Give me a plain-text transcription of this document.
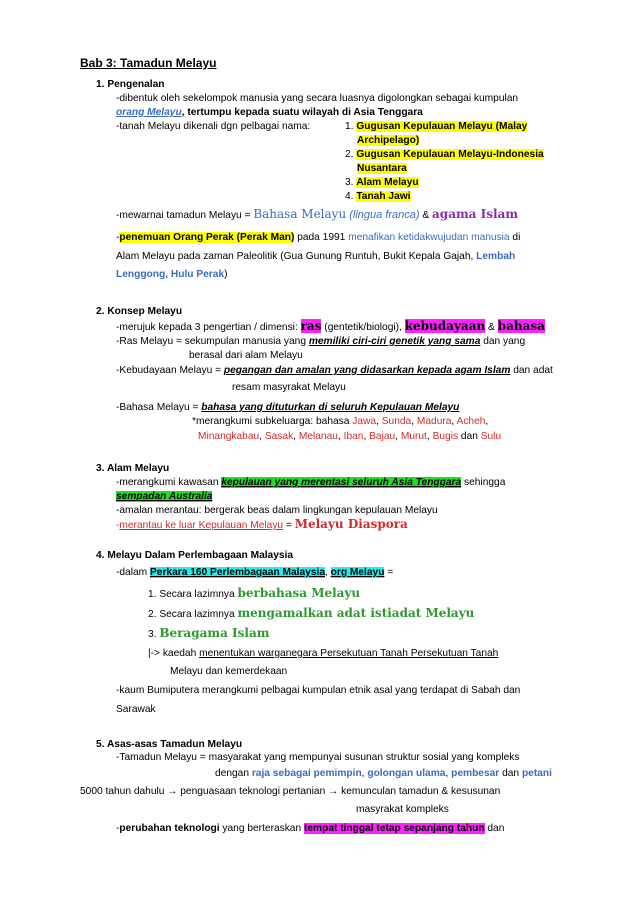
Bab 3: Tamadun Melayu
1. Pengenalan
-dibentuk oleh sekelompok manusia yang secara luasnya digolongkan sebagai kumpulan
orang Melayu, tertumpu kepada suatu wilayah di Asia Tenggara
-tanah Melayu dikenali dgn pelbagai nama:	1. Gugusan Kepulauan Melayu (Malay
Archipelago)
2. Gugusan Kepulauan Melayu-Indonesia
Nusantara
3. Alam Melayu
4. Tanah Jawi
-mewarnai tamadun Melayu = Bahasa Melayu (lingua franca) & agama Islam
-penemuan Orang Perak (Perak Man) pada 1991 menafikan ketidakwujudan manusia di
Alam Melayu pada zaman Paleolitik (Gua Gunung Runtuh, Bukit Kepala Gajah, Lembah
Lenggong, Hulu Perak)
2. Konsep Melayu
-merujuk kepada 3 pengertian / dimensi: ras (gentetik/biologi), kebudayaan & bahasa
-Ras Melayu = sekumpulan manusia yang memiliki ciri-ciri genetik yang sama dan yang
berasal dari alam Melayu
-Kebudayaan Melayu = pegangan dan amalan yang didasarkan kepada agam Islam dan adat
resam masyrakat Melayu
-Bahasa Melayu = bahasa yang dituturkan di seluruh Kepulauan Melayu
*merangkumi subkeluarga: bahasa Jawa, Sunda, Madura, Acheh,
Minangkabau, Sasak, Melanau, Iban, Bajau, Murut, Bugis dan Sulu
3. Alam Melayu
-merangkumi kawasan kepulauan yang merentasi seluruh Asia Tenggara sehingga
sempadan Australia
-amalan merantau: bergerak beas dalam lingkungan kepulauan Melayu
-merantau ke luar Kepulauan Melayu = Melayu Diaspora
4. Melayu Dalam Perlembagaan Malaysia
-dalam Perkara 160 Perlembagaan Malaysia, org Melayu =
1. Secara lazimnya berbahasa Melayu
2. Secara lazimnya mengamalkan adat istiadat Melayu
3. Beragama Islam
|-> kaedah menentukan warganegara Persekutuan Tanah Persekutuan Tanah
Melayu dan kemerdekaan
-kaum Bumiputera merangkumi pelbagai kumpulan etnik asal yang terdapat di Sabah dan
Sarawak
5. Asas-asas Tamadun Melayu
-Tamadun Melayu = masyarakat yang mempunyai susunan struktur sosial yang kompleks
dengan raja sebagai pemimpin, golongan ulama, pembesar dan petani
5000 tahun dahulu → penguasaan teknologi pertanian → kemunculan tamadun & kesusunan
masyrakat kompleks
-perubahan teknologi yang berteraskan tempat tinggal tetap sepanjang tahun dan
